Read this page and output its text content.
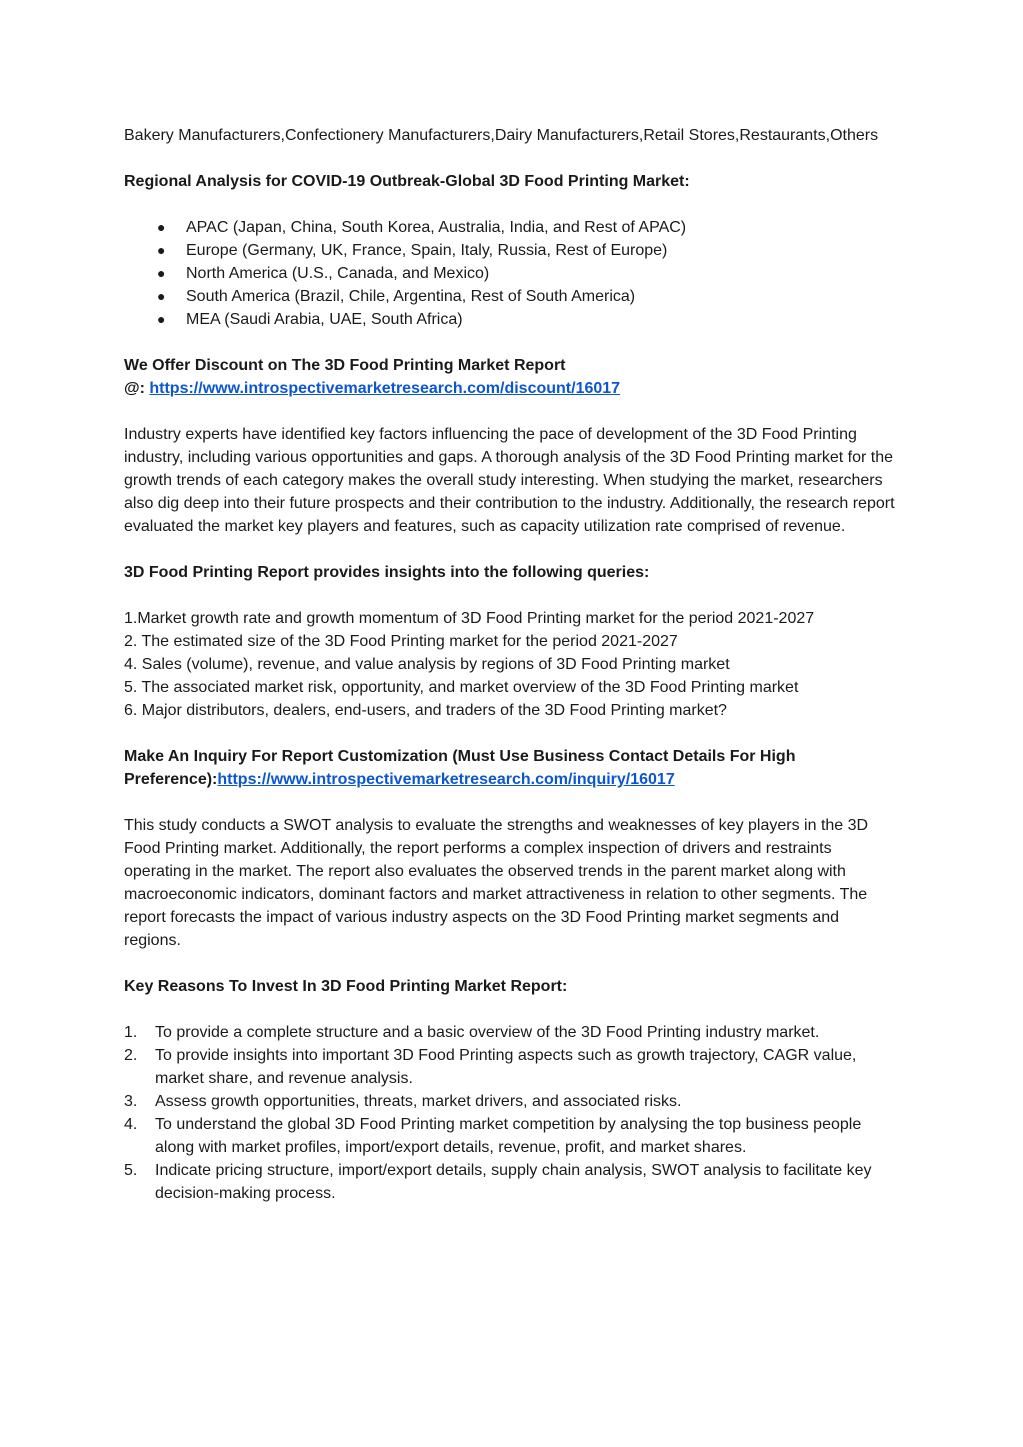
Bakery Manufacturers,Confectionery Manufacturers,Dairy Manufacturers,Retail Stores,Restaurants,Others

Regional Analysis for COVID-19 Outbreak-Global 3D Food Printing Market:

● APAC (Japan, China, South Korea, Australia, India, and Rest of APAC)
● Europe (Germany, UK, France, Spain, Italy, Russia, Rest of Europe)
● North America (U.S., Canada, and Mexico)
● South America (Brazil, Chile, Argentina, Rest of South America)
● MEA (Saudi Arabia, UAE, South Africa)

We Offer Discount on The 3D Food Printing Market Report

@: https://www.introspectivemarketresearch.com/discount/16017

Industry experts have identified key factors influencing the pace of development of the 3D Food Printing industry, including various opportunities and gaps. A thorough analysis of the 3D Food Printing market for the growth trends of each category makes the overall study interesting. When studying the market, researchers also dig deep into their future prospects and their contribution to the industry. Additionally, the research report evaluated the market key players and features, such as capacity utilization rate comprised of revenue.

3D Food Printing Report provides insights into the following queries:

1.Market growth rate and growth momentum of 3D Food Printing market for the period 2021-2027

2. The estimated size of the 3D Food Printing market for the period 2021-2027

4. Sales (volume), revenue, and value analysis by regions of 3D Food Printing market

5. The associated market risk, opportunity, and market overview of the 3D Food Printing market

6. Major distributors, dealers, end-users, and traders of the 3D Food Printing market?

Make An Inquiry For Report Customization (Must Use Business Contact Details For High Preference):https://www.introspectivemarketresearch.com/inquiry/16017

This study conducts a SWOT analysis to evaluate the strengths and weaknesses of key players in the 3D Food Printing market. Additionally, the report performs a complex inspection of drivers and restraints operating in the market. The report also evaluates the observed trends in the parent market along with macroeconomic indicators, dominant factors and market attractiveness in relation to other segments. The report forecasts the impact of various industry aspects on the 3D Food Printing market segments and regions.

Key Reasons To Invest In 3D Food Printing Market Report:

1. To provide a complete structure and a basic overview of the 3D Food Printing industry market.
2. To provide insights into important 3D Food Printing aspects such as growth trajectory, CAGR value, market share, and revenue analysis.
3. Assess growth opportunities, threats, market drivers, and associated risks.
4. To understand the global 3D Food Printing market competition by analysing the top business people along with market profiles, import/export details, revenue, profit, and market shares.
5. Indicate pricing structure, import/export details, supply chain analysis, SWOT analysis to facilitate key decision-making process.
